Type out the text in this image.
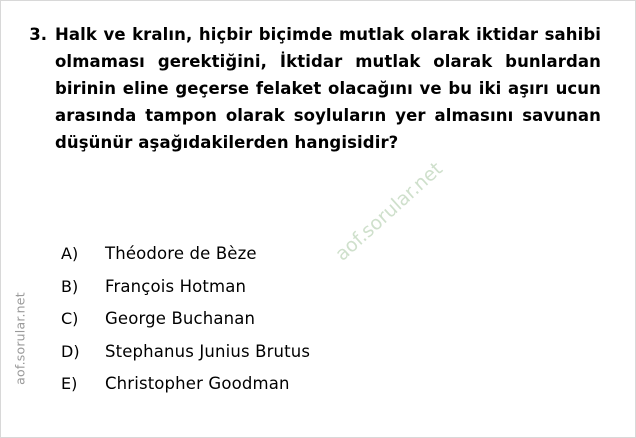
aof.sorular.net
aof.sorular.net
3. Halk ve kralın, hiçbir biçimde mutlak olarak iktidar sahibi olmaması gerektiğini, İktidar mutlak olarak bunlardan birinin eline geçerse felaket olacağını ve bu iki aşırı ucun arasında tampon olarak soyluların yer almasını savunan düşünür aşağıdakilerden hangisidir?
A)	Théodore de Bèze
B)	François Hotman
C)	George Buchanan
D)	Stephanus Junius Brutus
E)	Christopher Goodman
